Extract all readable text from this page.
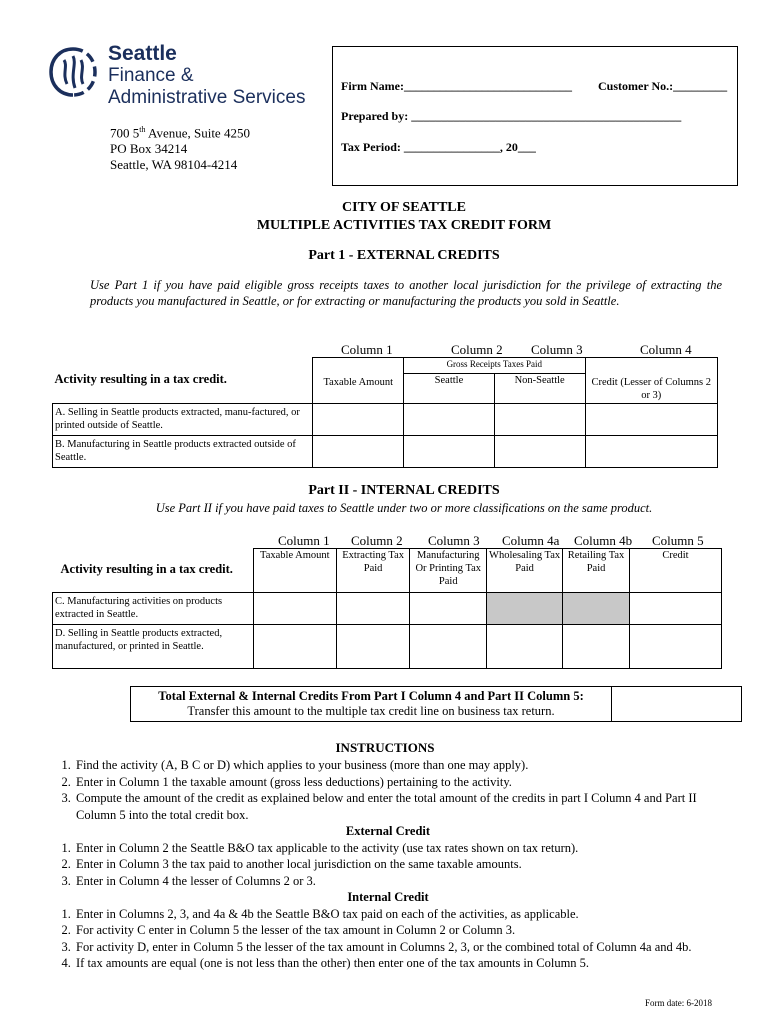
Seattle
Finance &
Administrative Services
700 5th Avenue, Suite 4250
PO Box 34214
Seattle, WA 98104-4214
Firm Name:____________________________ Customer No.:_________
Prepared by: _____________________________________________
Tax Period: ________________, 20___
CITY OF SEATTLE
MULTIPLE ACTIVITIES TAX CREDIT FORM
Part 1 - EXTERNAL CREDITS
Use Part 1 if you have paid eligible gross receipts taxes to another local jurisdiction for the privilege of extracting the products you manufactured in Seattle, or for extracting or manufacturing the products you sold in Seattle.
Column 1	Column 2 Column 3	Column 4
Activity resulting in a tax credit.	Taxable Amount	Gross Receipts Taxes Paid		Credit (Lesser of Columns 2 or 3)

		Seattle	Non-Seattle	
A. Selling in Seattle products extracted, manu-factured, or printed outside of Seattle.				
B. Manufacturing in Seattle products extracted outside of Seattle.				
Part II - INTERNAL CREDITS
Use Part II if you have paid taxes to Seattle under two or more classifications on the same product.
Column 1 Column 2 Column 3 Column 4a Column 4b Column 5
Activity resulting in a tax credit.	Taxable Amount	Extracting Tax Paid	Manufacturing Or Printing Tax Paid	Wholesaling Tax Paid	Retailing Tax Paid	Credit
C. Manufacturing activities on products extracted in Seattle.						
D. Selling in Seattle products extracted, manufactured, or printed in Seattle.						
Total External & Internal Credits From Part I Column 4 and Part II Column 5:
Transfer this amount to the multiple tax credit line on business tax return.
INSTRUCTIONS
1. Find the activity (A, B C or D) which applies to your business (more than one may apply).
2. Enter in Column 1 the taxable amount (gross less deductions) pertaining to the activity.
3. Compute the amount of the credit as explained below and enter the total amount of the credits in part I Column 4 and Part II Column 5 into the total credit box.
External Credit
1. Enter in Column 2 the Seattle B&O tax applicable to the activity (use tax rates shown on tax return).
2. Enter in Column 3 the tax paid to another local jurisdiction on the same taxable amounts.
3. Enter in Column 4 the lesser of Columns 2 or 3.
Internal Credit
1. Enter in Columns 2, 3, and 4a & 4b the Seattle B&O tax paid on each of the activities, as applicable.
2. For activity C enter in Column 5 the lesser of the tax amount in Column 2 or Column 3.
3. For activity D, enter in Column 5 the lesser of the tax amount in Columns 2, 3, or the combined total of Column 4a and 4b.
4. If tax amounts are equal (one is not less than the other) then enter one of the tax amounts in Column 5.
Form date: 6-2018
